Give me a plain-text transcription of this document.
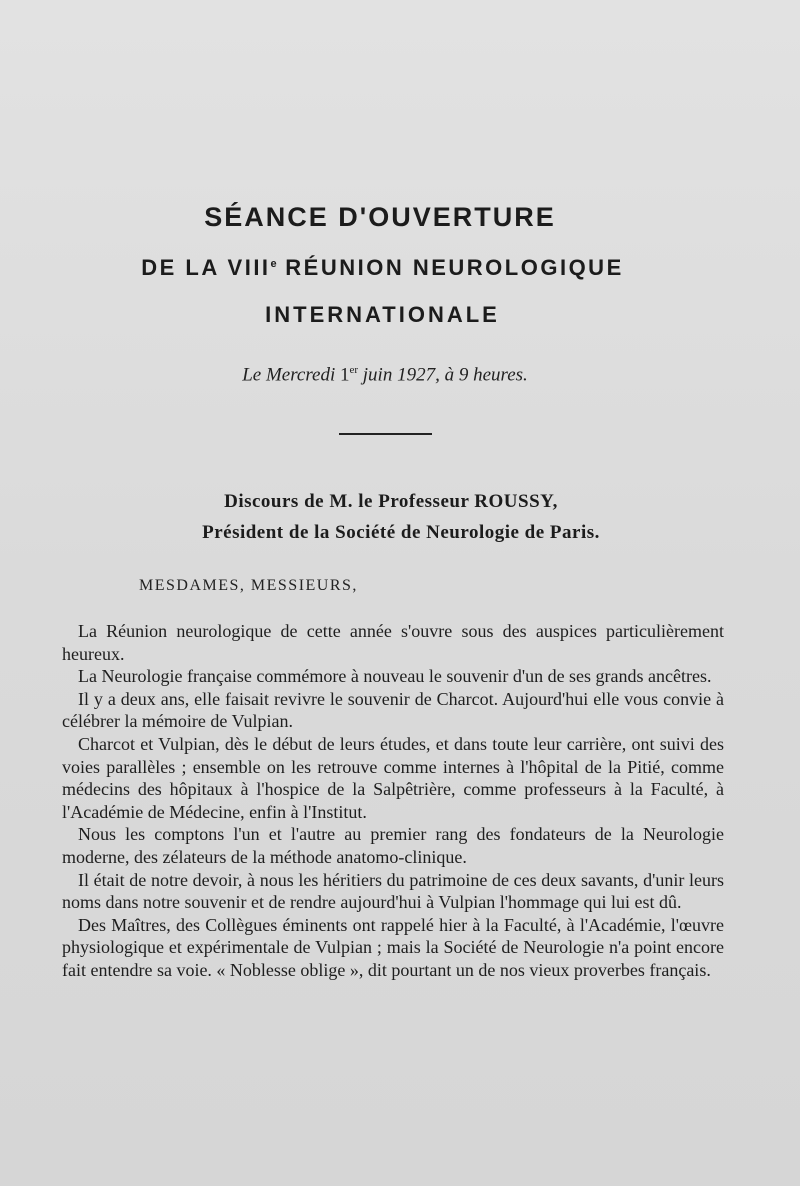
SÉANCE D'OUVERTURE
DE LA VIIIe RÉUNION NEUROLOGIQUE
INTERNATIONALE
Le Mercredi 1er juin 1927, à 9 heures.
Discours de M. le Professeur ROUSSY,
Président de la Société de Neurologie de Paris.
MESDAMES, MESSIEURS,

La Réunion neurologique de cette année s'ouvre sous des auspices particulièrement heureux.

La Neurologie française commémore à nouveau le souvenir d'un de ses grands ancêtres.

Il y a deux ans, elle faisait revivre le souvenir de Charcot. Aujourd'hui elle vous convie à célébrer la mémoire de Vulpian.

Charcot et Vulpian, dès le début de leurs études, et dans toute leur carrière, ont suivi des voies parallèles ; ensemble on les retrouve comme internes à l'hôpital de la Pitié, comme médecins des hôpitaux à l'hospice de la Salpêtrière, comme professeurs à la Faculté, à l'Académie de Médecine, enfin à l'Institut.

Nous les comptons l'un et l'autre au premier rang des fondateurs de la Neurologie moderne, des zélateurs de la méthode anatomo-clinique.

Il était de notre devoir, à nous les héritiers du patrimoine de ces deux savants, d'unir leurs noms dans notre souvenir et de rendre aujourd'hui à Vulpian l'hommage qui lui est dû.

Des Maîtres, des Collègues éminents ont rappelé hier à la Faculté, à l'Académie, l'œuvre physiologique et expérimentale de Vulpian ; mais la Société de Neurologie n'a point encore fait entendre sa voie. « Noblesse oblige », dit pourtant un de nos vieux proverbes français.
